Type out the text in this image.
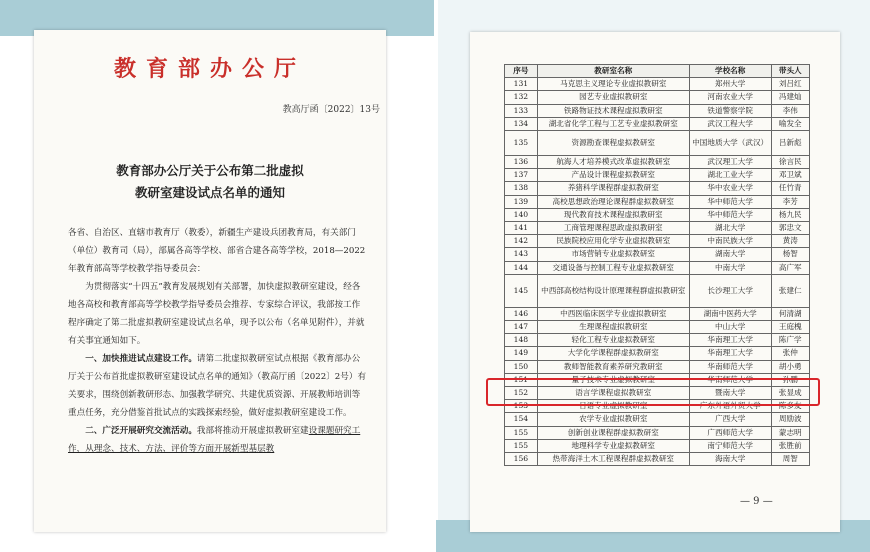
教育部办公厅
教高厅函〔2022〕13号
教育部办公厅关于公布第二批虚拟
教研室建设试点名单的通知

各省、自治区、直辖市教育厅（教委），新疆生产建设兵团教育局，有关部门（单位）教育司（局），部属各高等学校、部省合建各高等学校，2018—2022年教育部高等学校教学指导委员会：

为贯彻落实“十四五”教育发展规划有关部署，加快虚拟教研室建设，经各地各高校和教育部高等学校教学指导委员会推荐、专家综合评议，我部按工作程序确定了第二批虚拟教研室建设试点名单，现予以公布（名单见附件），并就有关事宜通知如下。

一、加快推进试点建设工作。请第二批虚拟教研室试点根据《教育部办公厅关于公布首批虚拟教研室建设试点名单的通知》（教高厅函〔2022〕2号）有关要求，围绕创新教研形态、加强教学研究、共建优质资源、开展教师培训等重点任务，充分借鉴首批试点的实践探索经验，做好虚拟教研室建设工作。

二、广泛开展研究交流活动。我部将推动开展虚拟教研室建设课题研究工作，从理念、技术、方法、评价等方面开展新型基层教

序号	教研室名称	学校名称	带头人
131	马克思主义理论专业虚拟教研室	郑州大学	刘吕红
132	园艺专业虚拟教研室	河南农业大学	冯建灿
133	铁路物证技术课程虚拟教研室	铁道警察学院	李伟
134	湖北省化学工程与工艺专业虚拟教研室	武汉工程大学	喻发全
135	资源勘查课程虚拟教研室	中国地质大学（武汉）	吕新彪
136	航海人才培养模式改革虚拟教研室	武汉理工大学	徐言民
137	产品设计课程虚拟教研室	湖北工业大学	邓卫斌
138	养猪科学课程群虚拟教研室	华中农业大学	任竹青
139	高校思想政治理论课程群虚拟教研室	华中师范大学	李芳
140	现代教育技术课程虚拟教研室	华中师范大学	杨九民
141	工商管理课程思政虚拟教研室	湖北大学	郭忠文
142	民族院校应用化学专业虚拟教研室	中南民族大学	黄涛
143	市场营销专业虚拟教研室	湖南大学	杨智
144	交通设备与控制工程专业虚拟教研室	中南大学	高广军
145	中西部高校结构设计原理课程群虚拟教研室	长沙理工大学	张建仁
146	中西医临床医学专业虚拟教研室	湖南中医药大学	何清湖
147	生理课程虚拟教研室	中山大学	王庭槐
148	轻化工程专业虚拟教研室	华南理工大学	陈广学
149	大学化学课程群虚拟教研室	华南理工大学	张仲
150	教师智能教育素养研究教研室	华南师范大学	胡小勇
151	量子技术专业虚拟教研室	华南师范大学	孙鹏
152	语言学课程虚拟教研室	暨南大学	张显成
153	日语专业虚拟教研室	广东外语外贸大学	陈多友
154	农学专业虚拟教研室	广西大学	周励波
155	创新创业课程群虚拟教研室	广西师范大学	蒙志明
155	地理科学专业虚拟教研室	南宁师范大学	张胜前
156	热带海洋土木工程课程群虚拟教研室	海南大学	周智
— 9 —
